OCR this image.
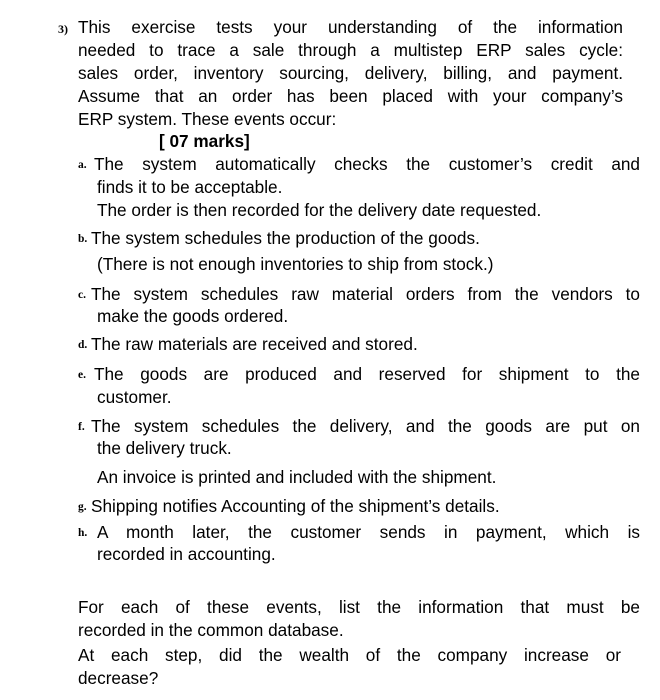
3) This exercise tests your understanding of the information
needed to trace a sale through a multistep ERP sales cycle:
sales order, inventory sourcing, delivery, billing, and payment.
Assume that an order has been placed with your company’s
ERP system. These events occur:
[ 07 marks]
a. The system automatically checks the customer’s credit and
finds it to be acceptable.
The order is then recorded for the delivery date requested.
b. The system schedules the production of the goods.
(There is not enough inventories to ship from stock.)
c. The system schedules raw material orders from the vendors to
make the goods ordered.
d. The raw materials are received and stored.
e. The goods are produced and reserved for shipment to the
customer.
f. The system schedules the delivery, and the goods are put on
the delivery truck.
An invoice is printed and included with the shipment.
g. Shipping notifies Accounting of the shipment’s details.
h. A month later, the customer sends in payment, which is
recorded in accounting.
For each of these events, list the information that must be
recorded in the common database.
At each step, did the wealth of the company increase or
decrease?
